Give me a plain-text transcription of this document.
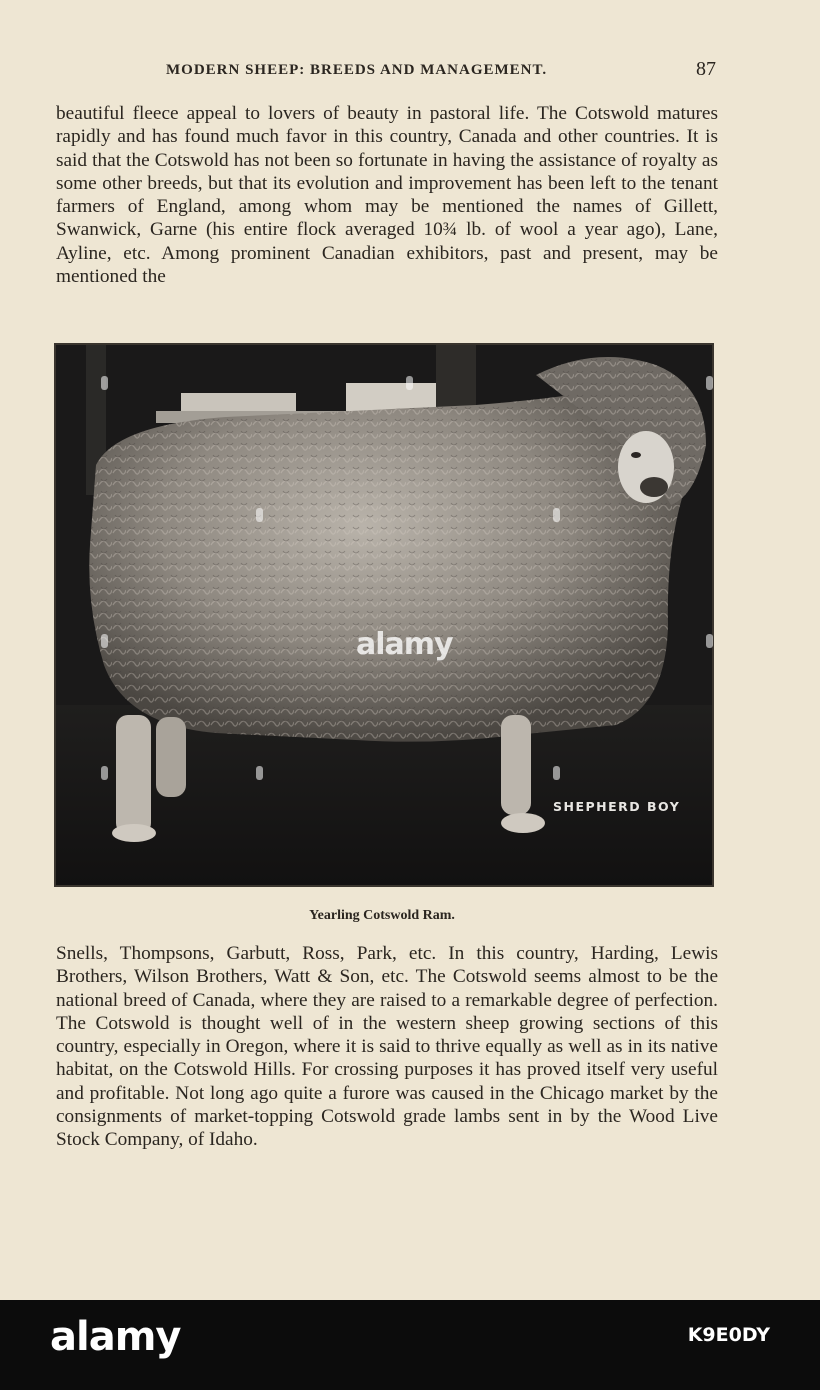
MODERN SHEEP: BREEDS AND MANAGEMENT.	87

beautiful fleece appeal to lovers of beauty in pastoral life. The Cotswold matures rapidly and has found much favor in this country, Canada and other countries. It is said that the Cotswold has not been so fortunate in having the assistance of royalty as some other breeds, but that its evolution and improvement has been left to the tenant farmers of England, among whom may be mentioned the names of Gillett, Swanwick, Garne (his entire flock averaged 10¾ lb. of wool a year ago), Lane, Ayline, etc. Among prominent Canadian exhibitors, past and present, may be mentioned the

SHEPHERD BOY
Yearling Cotswold Ram.

Snells, Thompsons, Garbutt, Ross, Park, etc. In this country, Harding, Lewis Brothers, Wilson Brothers, Watt & Son, etc. The Cotswold seems almost to be the national breed of Canada, where they are raised to a remarkable degree of perfection. The Cotswold is thought well of in the western sheep growing sections of this country, especially in Oregon, where it is said to thrive equally as well as in its native habitat, on the Cotswold Hills. For crossing purposes it has proved itself very useful and profitable. Not long ago quite a furore was caused in the Chicago market by the consignments of market-topping Cotswold grade lambs sent in by the Wood Live Stock Company, of Idaho.

alamy
alamy	K9E0DY
